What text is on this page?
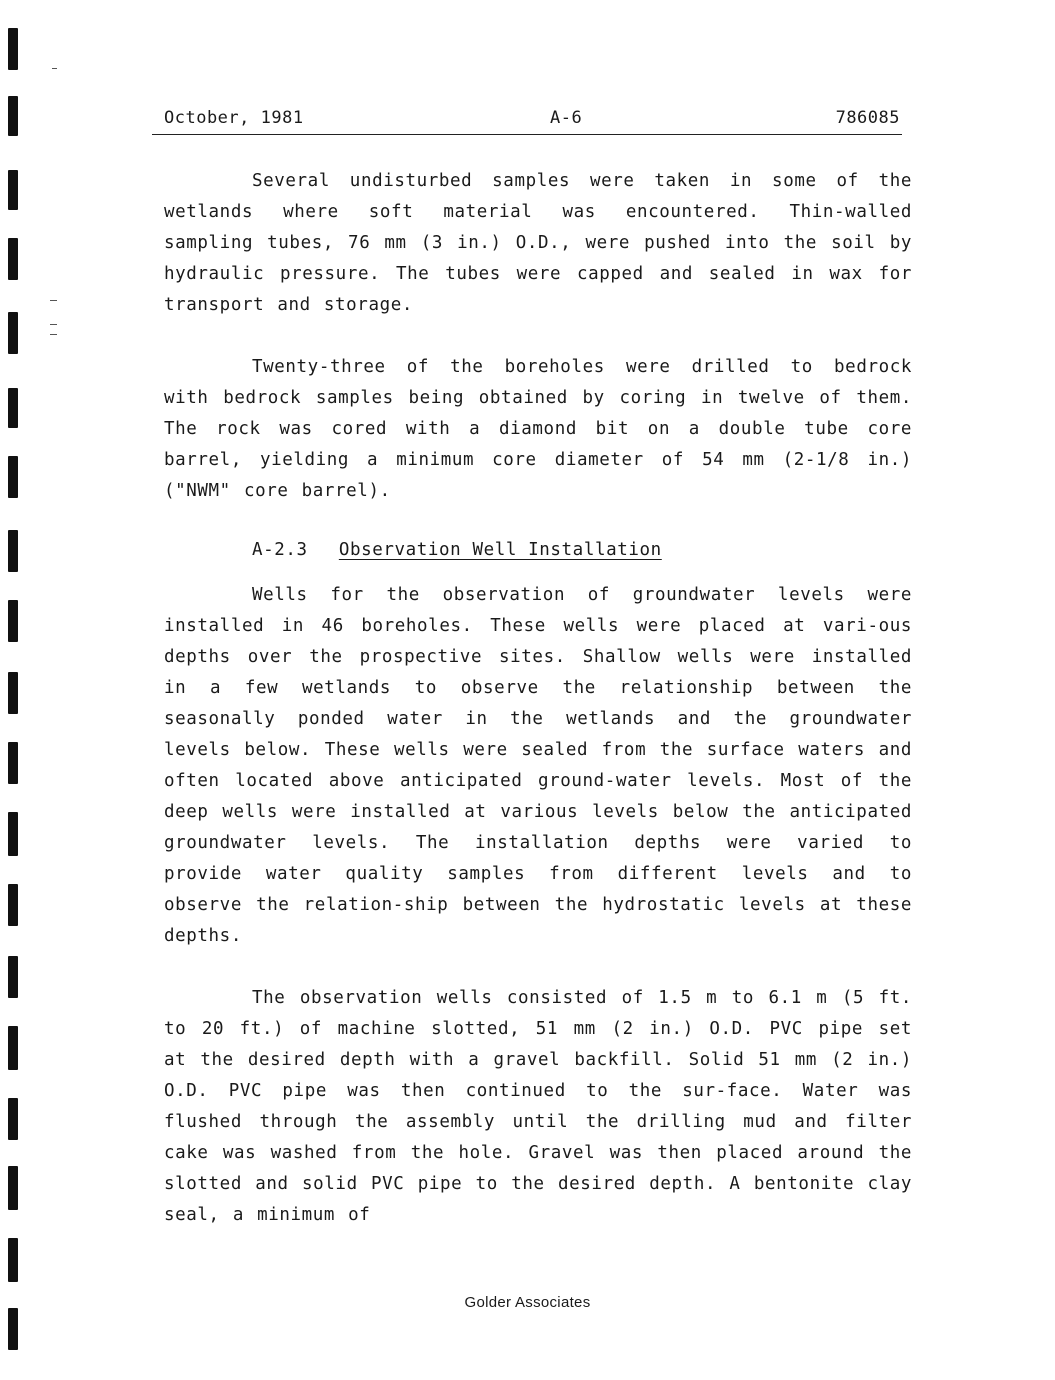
October, 1981	A-6	786085

Several undisturbed samples were taken in some of the wetlands where soft material was encountered. Thin-walled sampling tubes, 76 mm (3 in.) O.D., were pushed into the soil by hydraulic pressure. The tubes were capped and sealed in wax for transport and storage.

Twenty-three of the boreholes were drilled to bedrock with bedrock samples being obtained by coring in twelve of them. The rock was cored with a diamond bit on a double tube core barrel, yielding a minimum core diameter of 54 mm (2-1/8 in.) ("NWM" core barrel).

A-2.3 Observation Well Installation

Wells for the observation of groundwater levels were installed in 46 boreholes. These wells were placed at vari-ous depths over the prospective sites. Shallow wells were installed in a few wetlands to observe the relationship between the seasonally ponded water in the wetlands and the groundwater levels below. These wells were sealed from the surface waters and often located above anticipated ground-water levels. Most of the deep wells were installed at various levels below the anticipated groundwater levels. The installation depths were varied to provide water quality samples from different levels and to observe the relation-ship between the hydrostatic levels at these depths.

The observation wells consisted of 1.5 m to 6.1 m (5 ft. to 20 ft.) of machine slotted, 51 mm (2 in.) O.D. PVC pipe set at the desired depth with a gravel backfill. Solid 51 mm (2 in.) O.D. PVC pipe was then continued to the sur-face. Water was flushed through the assembly until the drilling mud and filter cake was washed from the hole. Gravel was then placed around the slotted and solid PVC pipe to the desired depth. A bentonite clay seal, a minimum of

Golder Associates
